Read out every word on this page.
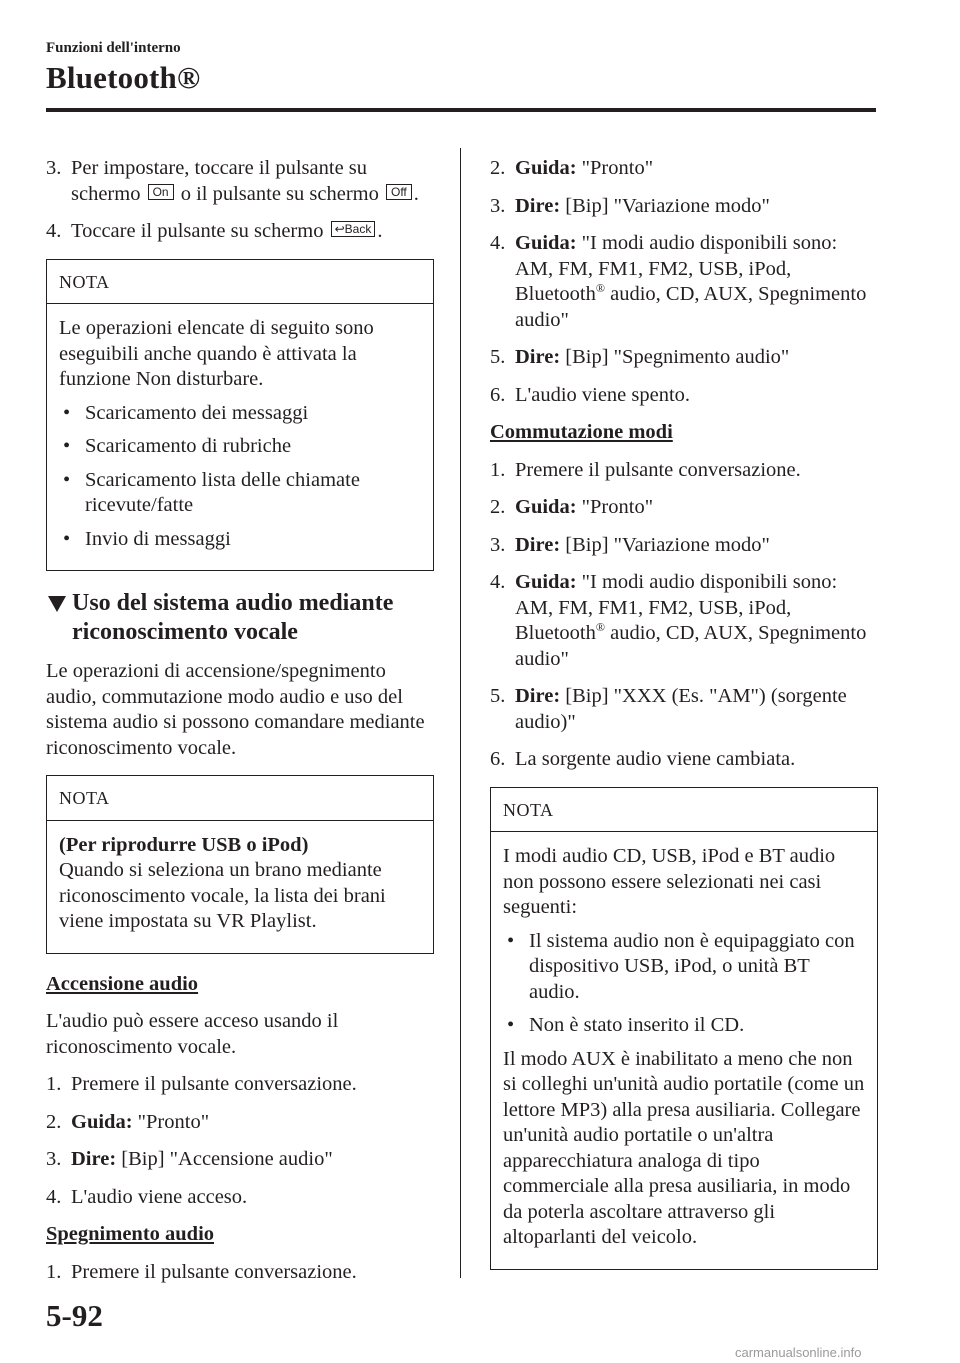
Funzioni dell'interno
Bluetooth®
3. Per impostare, toccare il pulsante su schermo On o il pulsante su schermo Off .
4. Toccare il pulsante su schermo ↩Back .
NOTA
Le operazioni elencate di seguito sono eseguibili anche quando è attivata la funzione Non disturbare.
• Scaricamento dei messaggi
• Scaricamento di rubriche
• Scaricamento lista delle chiamate ricevute/fatte
• Invio di messaggi
Uso del sistema audio mediante riconoscimento vocale
Le operazioni di accensione/spegnimento audio, commutazione modo audio e uso del sistema audio si possono comandare mediante riconoscimento vocale.
NOTA
(Per riprodurre USB o iPod)
Quando si seleziona un brano mediante riconoscimento vocale, la lista dei brani viene impostata su VR Playlist.
Accensione audio
L'audio può essere acceso usando il riconoscimento vocale.
1. Premere il pulsante conversazione.
2. Guida: "Pronto"
3. Dire: [Bip] "Accensione audio"
4. L'audio viene acceso.
Spegnimento audio
1. Premere il pulsante conversazione.
2. Guida: "Pronto"
3. Dire: [Bip] "Variazione modo"
4. Guida: "I modi audio disponibili sono: AM, FM, FM1, FM2, USB, iPod, Bluetooth® audio, CD, AUX, Spegnimento audio"
5. Dire: [Bip] "Spegnimento audio"
6. L'audio viene spento.
Commutazione modi
1. Premere il pulsante conversazione.
2. Guida: "Pronto"
3. Dire: [Bip] "Variazione modo"
4. Guida: "I modi audio disponibili sono: AM, FM, FM1, FM2, USB, iPod, Bluetooth® audio, CD, AUX, Spegnimento audio"
5. Dire: [Bip] "XXX (Es. "AM") (sorgente audio)"
6. La sorgente audio viene cambiata.
NOTA
I modi audio CD, USB, iPod e BT audio non possono essere selezionati nei casi seguenti:
• Il sistema audio non è equipaggiato con dispositivo USB, iPod, o unità BT audio.
• Non è stato inserito il CD.
Il modo AUX è inabilitato a meno che non si colleghi un'unità audio portatile (come un lettore MP3) alla presa ausiliaria. Collegare un'unità audio portatile o un'altra apparecchiatura analoga di tipo commerciale alla presa ausiliaria, in modo da poterla ascoltare attraverso gli altoparlanti del veicolo.
5-92
carmanualsonline.info
